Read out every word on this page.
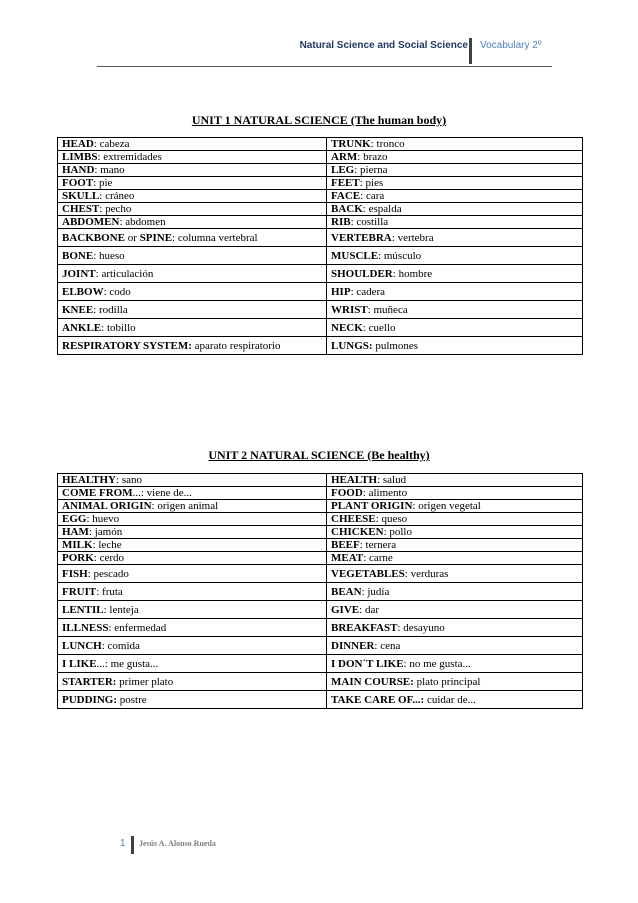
Natural Science and Social Science Vocabulary 2º
UNIT 1 NATURAL SCIENCE (The human body)
HEAD: cabeza	TRUNK: tronco
LIMBS: extremidades	ARM: brazo
HAND: mano	LEG: pierna
FOOT: pie	FEET: pies
SKULL: cráneo	FACE: cara
CHEST: pecho	BACK: espalda
ABDOMEN: abdomen	RIB: costilla
BACKBONE or SPINE: columna vertebral	VERTEBRA: vertebra
BONE: hueso	MUSCLE: músculo
JOINT: articulación	SHOULDER: hombre
ELBOW: codo	HIP: cadera
KNEE: rodilla	WRIST: muñeca
ANKLE: tobillo	NECK: cuello
RESPIRATORY SYSTEM: aparato respiratorio	LUNGS: pulmones
UNIT 2 NATURAL SCIENCE (Be healthy)
HEALTHY: sano	HEALTH: salud
COME FROM...: viene de...	FOOD: alimento
ANIMAL ORIGIN: origen animal	PLANT ORIGIN: origen vegetal
EGG: huevo	CHEESE: queso
HAM: jamón	CHICKEN: pollo
MILK: leche	BEEF: ternera
PORK: cerdo	MEAT: carne
FISH: pescado	VEGETABLES: verduras
FRUIT: fruta	BEAN: judía
LENTIL: lenteja	GIVE: dar
ILLNESS: enfermedad	BREAKFAST: desayuno
LUNCH: comida	DINNER: cena
I LIKE...: me gusta...	I DON´T LIKE: no me gusta...
STARTER: primer plato	MAIN COURSE: plato principal
PUDDING: postre	TAKE CARE OF...: cuidar de...
1 Jesús A. Alonso Rueda
